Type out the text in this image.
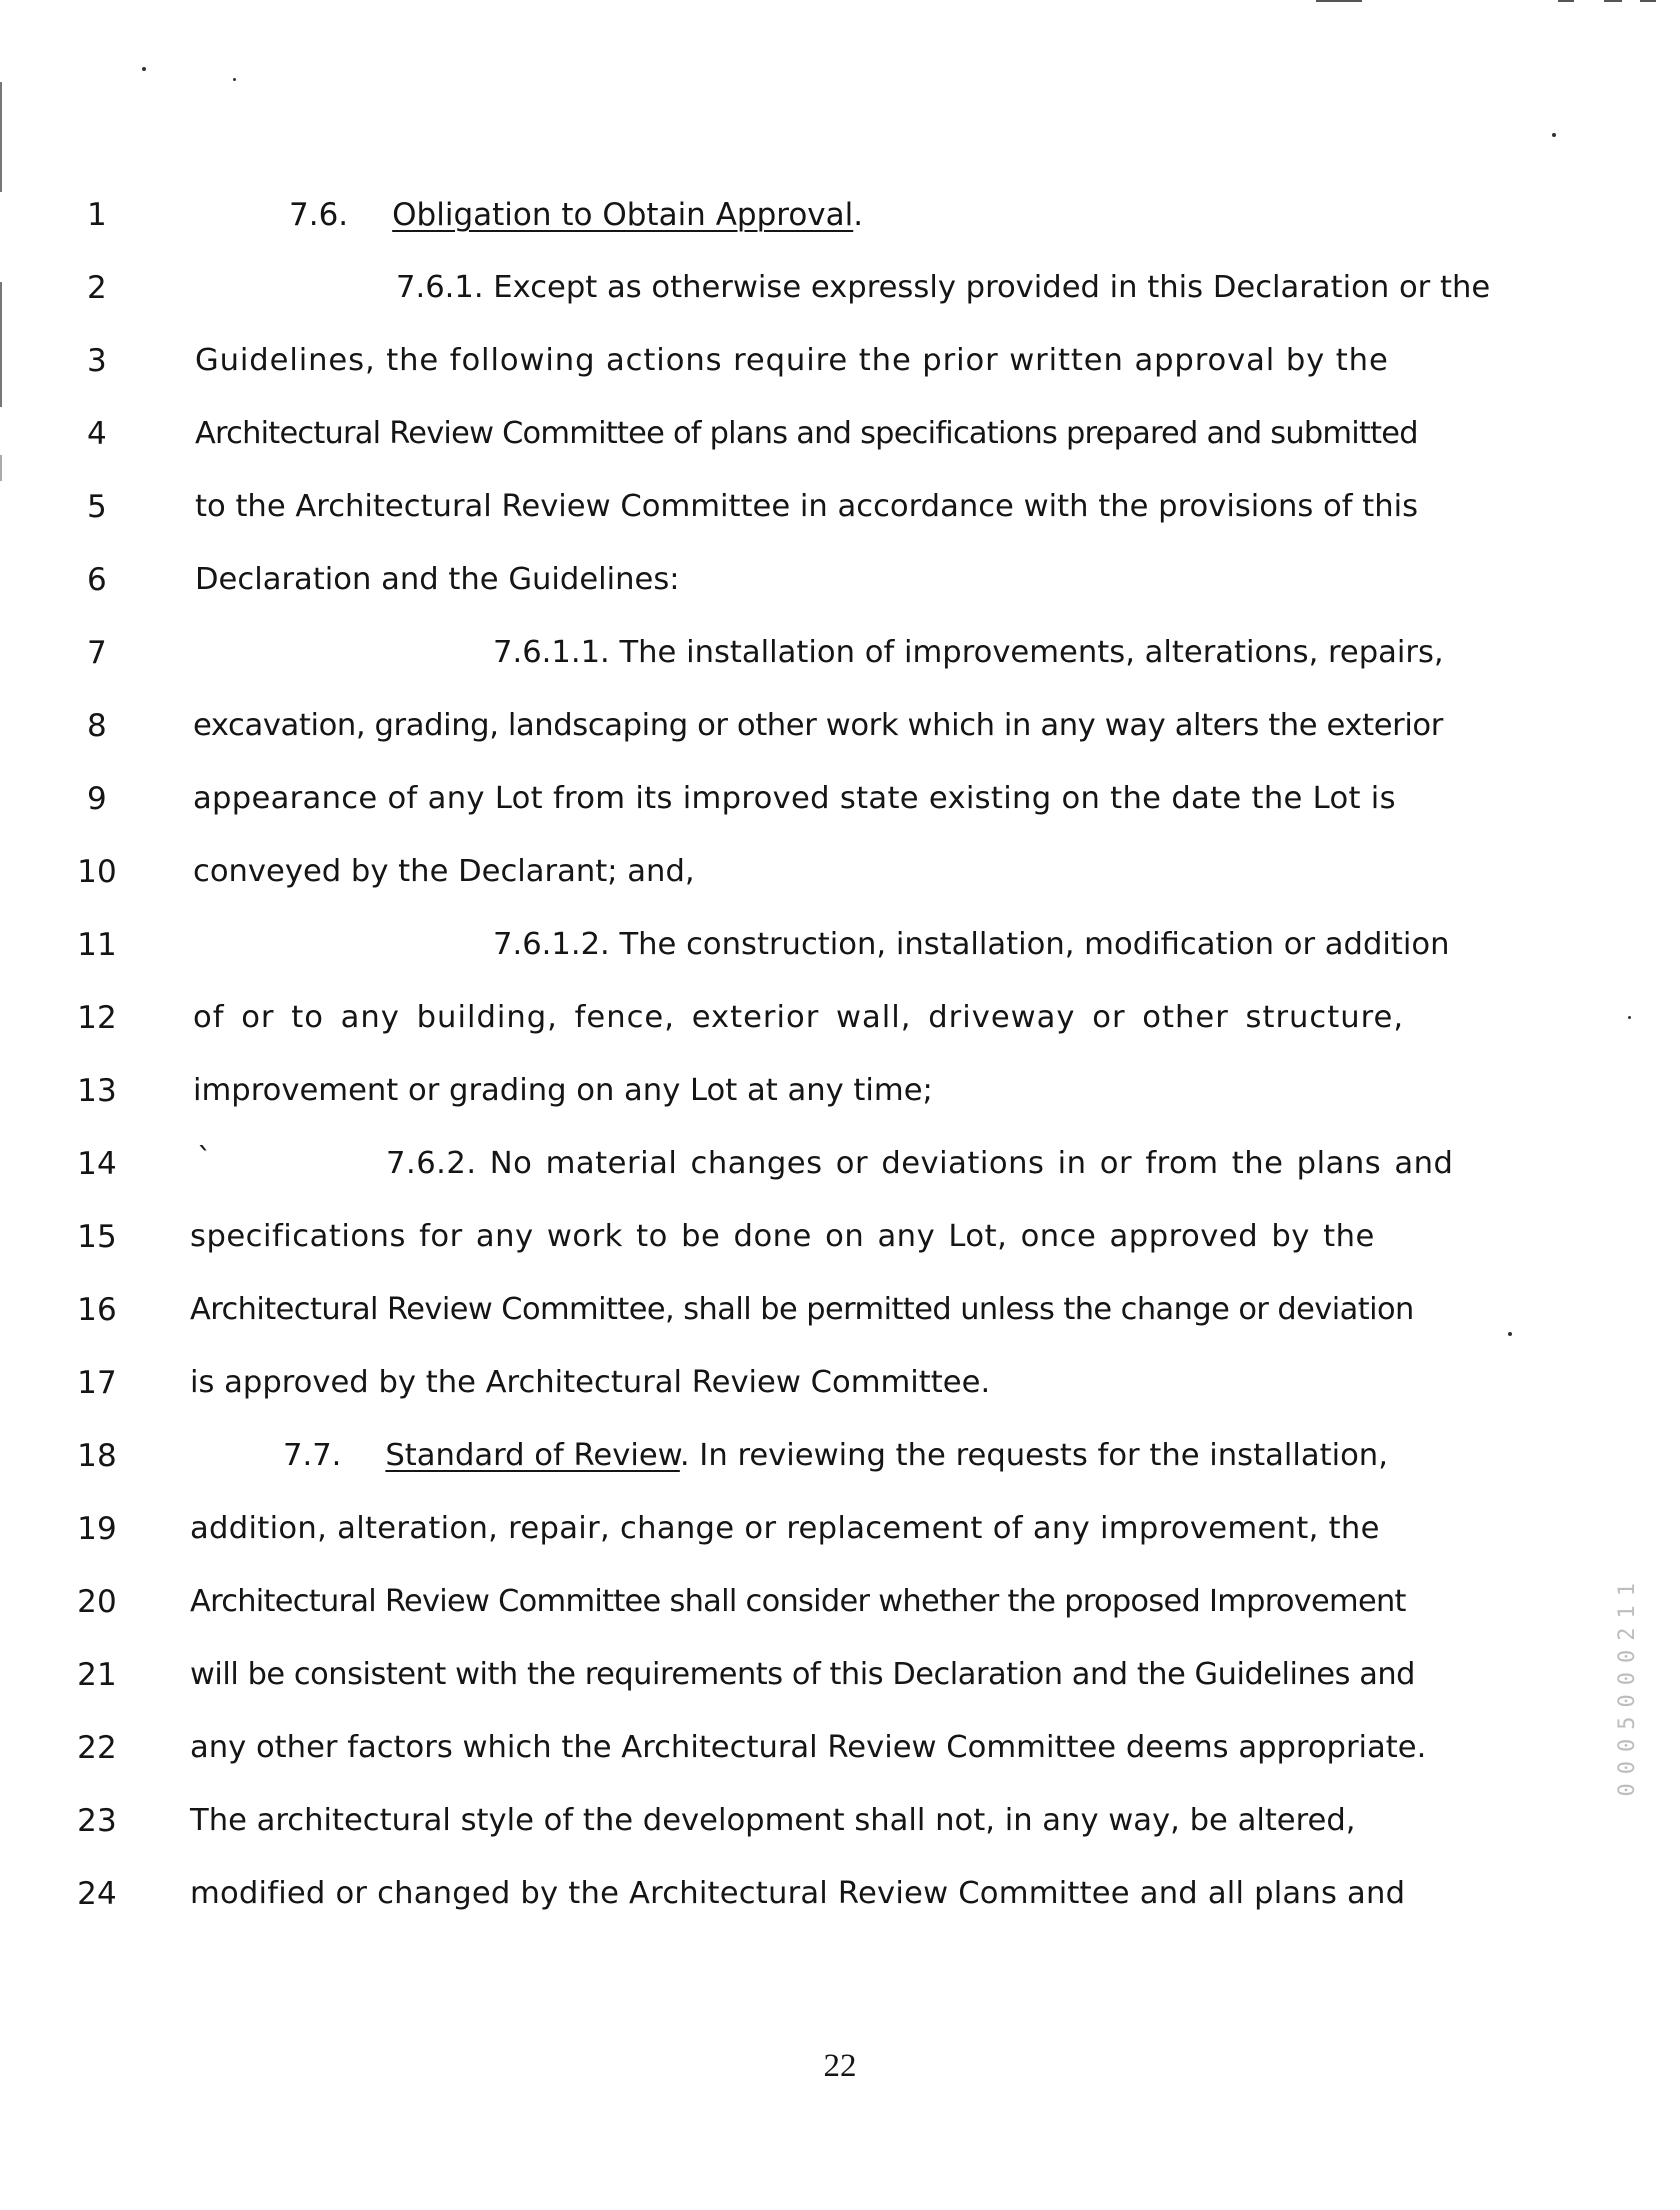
1
2
3
4
5
6
7
8
9
10
11
12
13
14
15
16
17
18
19
20
21
22
23
24
7.6. Obligation to Obtain Approval.
7.6.1. Except as otherwise expressly provided in this Declaration or the
Guidelines, the following actions require the prior written approval by the
Architectural Review Committee of plans and specifications prepared and submitted
to the Architectural Review Committee in accordance with the provisions of this
Declaration and the Guidelines:
7.6.1.1. The installation of improvements, alterations, repairs,
excavation, grading, landscaping or other work which in any way alters the exterior
appearance of any Lot from its improved state existing on the date the Lot is
conveyed by the Declarant; and,
7.6.1.2. The construction, installation, modification or addition
of or to any building, fence, exterior wall, driveway or other structure,
improvement or grading on any Lot at any time;
`	7.6.2. No material changes or deviations in or from the plans and
specifications for any work to be done on any Lot, once approved by the
Architectural Review Committee, shall be permitted unless the change or deviation
is approved by the Architectural Review Committee.
7.7. Standard of Review. In reviewing the requests for the installation,
addition, alteration, repair, change or replacement of any improvement, the
Architectural Review Committee shall consider whether the proposed Improvement
will be consistent with the requirements of this Declaration and the Guidelines and
any other factors which the Architectural Review Committee deems appropriate.
The architectural style of the development shall not, in any way, be altered,
modified or changed by the Architectural Review Committee and all plans and
0005000211
22
